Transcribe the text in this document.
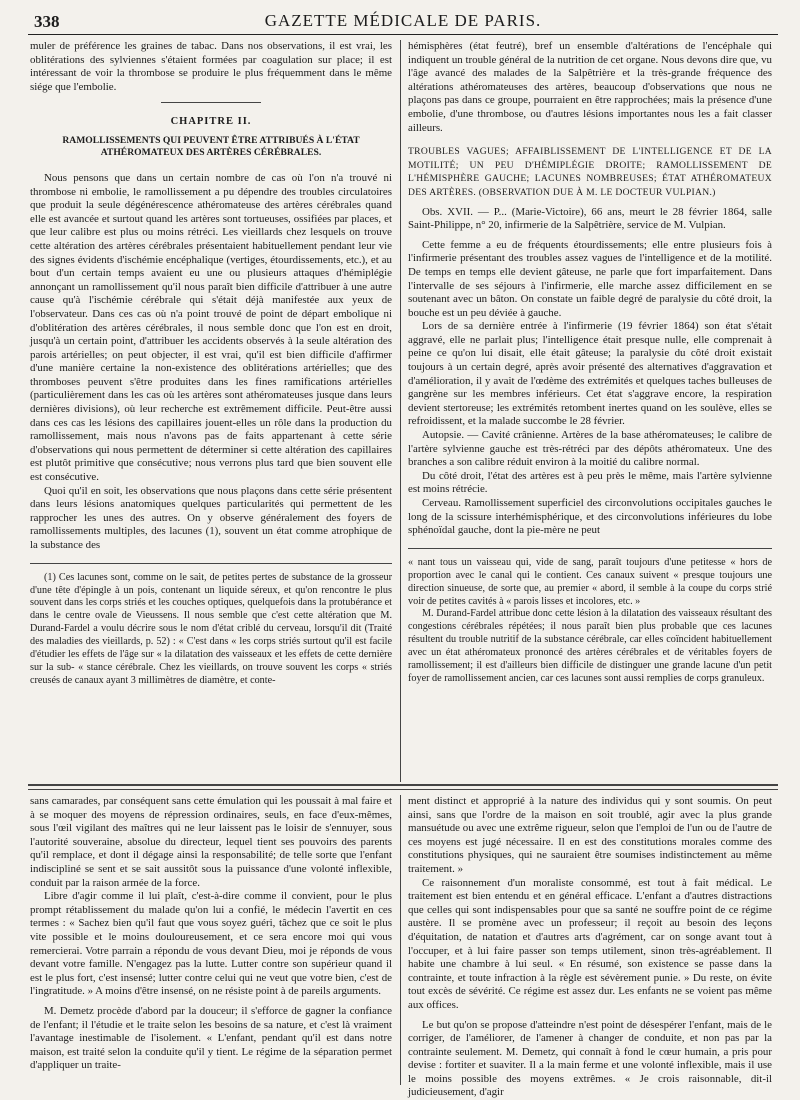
338	GAZETTE MÉDICALE DE PARIS.

muler de préférence les graines de tabac. Dans nos observations, il est vrai, les oblitérations des sylviennes s'étaient formées par coagulation sur place; il est intéressant de voir la thrombose se produire le plus fréquemment dans le même siége que l'embolie.

CHAPITRE II.
RAMOLLISSEMENTS QUI PEUVENT ÊTRE ATTRIBUÉS À L'ÉTAT ATHÉROMATEUX DES ARTÈRES CÉRÉBRALES.

Nous pensons que dans un certain nombre de cas où l'on n'a trouvé ni thrombose ni embolie, le ramollissement a pu dépendre des troubles circulatoires que produit la seule dégénérescence athéromateuse des artères cérébrales quand elle est avancée et surtout quand les artères sont tortueuses, ossifiées par places, et que leur calibre est plus ou moins rétréci. Les vieillards chez lesquels on trouve cette altération des artères cérébrales présentaient habituellement pendant leur vie des signes évidents d'ischémie encéphalique (vertiges, étourdissements, etc.), et au bout d'un certain temps avaient eu une ou plusieurs attaques d'hémiplégie annonçant un ramollissement qu'il nous paraît bien difficile d'attribuer à une autre cause qu'à l'ischémie cérébrale qui s'était déjà manifestée aux yeux de l'observateur. Dans ces cas où n'a point trouvé de point de départ embolique ni d'oblitération des artères cérébrales, il nous semble donc que l'on est en droit, jusqu'à un certain point, d'attribuer les accidents observés à la seule altération des parois artérielles; on peut objecter, il est vrai, qu'il est bien difficile d'affirmer d'une manière certaine la non-existence des oblitérations artérielles; que des thromboses peuvent s'être produites dans les fines ramifications artérielles (particulièrement dans les cas où les artères sont athéromateuses jusque dans leurs dernières divisions), où leur recherche est extrêmement difficile. Peut-être aussi dans ces cas les lésions des capillaires jouent-elles un rôle dans la production du ramollissement, mais nous n'avons pas de faits appartenant à cette série d'observations qui nous permettent de déterminer si cette altération des capillaires est plutôt primitive que consécutive; nous verrons plus tard que bien souvent elle est consécutive.

Quoi qu'il en soit, les observations que nous plaçons dans cette série présentent dans leurs lésions anatomiques quelques particularités qui permettent de les rapprocher les unes des autres. On y observe généralement des foyers de ramollissements multiples, des lacunes (1), souvent un état comme atrophique de la substance des

(1) Ces lacunes sont, comme on le sait, de petites pertes de substance de la grosseur d'une tête d'épingle à un pois, contenant un liquide séreux, et qu'on rencontre le plus souvent dans les corps striés et les couches optiques, quelquefois dans la protubérance et dans le centre ovale de Vieussens. Il nous semble que c'est cette altération que M. Durand-Fardel a voulu décrire sous le nom d'état criblé du cerveau, lorsqu'il dit (Traité des maladies des vieillards, p. 52) : « C'est dans « les corps striés surtout qu'il est facile d'étudier les effets de l'âge sur « la dilatation des vaisseaux et les effets de cette dernière sur la sub- « stance cérébrale. Chez les vieillards, on trouve souvent les corps « striés creusés de canaux ayant 3 millimètres de diamètre, et conte-

hémisphères (état feutré), bref un ensemble d'altérations de l'encéphale qui indiquent un trouble général de la nutrition de cet organe. Nous devons dire que, vu l'âge avancé des malades de la Salpêtrière et la très-grande fréquence des altérations athéromateuses des artères, beaucoup d'observations que nous ne plaçons pas dans ce groupe, pourraient en être rapprochées; mais la présence d'une embolie, d'une thrombose, ou d'autres lésions importantes nous les a fait classer ailleurs.

TROUBLES VAGUES; AFFAIBLISSEMENT DE L'INTELLIGENCE ET DE LA MOTILITÉ; UN PEU D'HÉMIPLÉGIE DROITE; RAMOLLISSEMENT DE L'HÉMISPHÈRE GAUCHE; LACUNES NOMBREUSES; ÉTAT ATHÉROMATEUX DES ARTÈRES. (OBSERVATION DUE À M. LE DOCTEUR VULPIAN.)

Obs. XVII. — P... (Marie-Victoire), 66 ans, meurt le 28 février 1864, salle Saint-Philippe, n° 20, infirmerie de la Salpêtrière, service de M. Vulpian.

Cette femme a eu de fréquents étourdissements; elle entre plusieurs fois à l'infirmerie présentant des troubles assez vagues de l'intelligence et de la motilité. De temps en temps elle devient gâteuse, ne parle que fort imparfaitement. Dans l'intervalle de ses séjours à l'infirmerie, elle marche assez difficilement en se soutenant avec un bâton. On constate un faible degré de paralysie du côté droit, la bouche est un peu déviée à gauche.

Lors de sa dernière entrée à l'infirmerie (19 février 1864) son état s'était aggravé, elle ne parlait plus; l'intelligence était presque nulle, elle comprenait à peine ce qu'on lui disait, elle était gâteuse; la paralysie du côté droit existait toujours à un certain degré, après avoir présenté des alternatives d'aggravation et d'amélioration, il y avait de l'œdème des extrémités et quelques taches bulleuses de gangrène sur les membres inférieurs. Cet état s'aggrave encore, la respiration devient stertoreuse; les extrémités retombent inertes quand on les soulève, elles se refroidissent, et la malade succombe le 28 février.

Autopsie. — Cavité crânienne. Artères de la base athéromateuses; le calibre de l'artère sylvienne gauche est très-rétréci par des dépôts athéromateux. Une des branches a son calibre réduit environ à la moitié du calibre normal.

Du côté droit, l'état des artères est à peu près le même, mais l'artère sylvienne est moins rétrécie.

Cerveau. Ramollissement superficiel des circonvolutions occipitales gauches le long de la scissure interhémisphérique, et des circonvolutions inférieures du lobe sphénoïdal gauche, dont la pie-mère ne peut

« nant tous un vaisseau qui, vide de sang, paraît toujours d'une petitesse « hors de proportion avec le canal qui le contient. Ces canaux suivent « presque toujours une direction sinueuse, de sorte que, au premier « abord, il semble à la coupe du corps strié voir de petites cavités à « parois lisses et incolores, etc. »

M. Durand-Fardel attribue donc cette lésion à la dilatation des vaisseaux résultant des congestions cérébrales répétées; il nous paraît bien plus probable que ces lacunes résultent du trouble nutritif de la substance cérébrale, car elles coïncident habituellement avec un état athéromateux prononcé des artères cérébrales et de véritables foyers de ramollissement; il est d'ailleurs bien difficile de distinguer une grande lacune d'un petit foyer de ramollissement ancien, car ces lacunes sont aussi remplies de corps granuleux.

sans camarades, par conséquent sans cette émulation qui les poussait à mal faire et à se moquer des moyens de répression ordinaires, seuls, en face d'eux-mêmes, sous l'œil vigilant des maîtres qui ne leur laissent pas le loisir de s'ennuyer, sous l'autorité souveraine, absolue du directeur, lequel tient ses pouvoirs des parents qu'il remplace, et dont il dégage ainsi la responsabilité; de telle sorte que l'enfant indiscipliné se sent et se sait aussitôt sous la puissance d'une volonté inflexible, conduit par la raison armée de la force.

Libre d'agir comme il lui plaît, c'est-à-dire comme il convient, pour le plus prompt rétablissement du malade qu'on lui a confié, le médecin l'avertit en ces termes : « Sachez bien qu'il faut que vous soyez guéri, tâchez que ce soit le plus vite possible et le moins douloureusement, et ce sera encore moi qui vous remercierai. Votre parrain a répondu de vous devant Dieu, moi je réponds de vous devant votre famille. N'engagez pas la lutte. Lutter contre son supérieur quand il est le plus fort, c'est insensé; lutter contre celui qui ne veut que votre bien, c'est de l'ingratitude. » A moins d'être insensé, on ne résiste point à de pareils arguments.

M. Demetz procède d'abord par la douceur; il s'efforce de gagner la confiance de l'enfant; il l'étudie et le traite selon les besoins de sa nature, et c'est là vraiment l'avantage inestimable de l'isolement. « L'enfant, pendant qu'il est dans notre maison, est traité selon la conduite qu'il y tient. Le régime de la séparation permet d'appliquer un traite-

ment distinct et approprié à la nature des individus qui y sont soumis. On peut ainsi, sans que l'ordre de la maison en soit troublé, agir avec la plus grande mansuétude ou avec une extrême rigueur, selon que l'emploi de l'un ou de l'autre de ces moyens est jugé nécessaire. Il en est des constitutions morales comme des constitutions physiques, qui ne sauraient être soumises indistinctement au même traitement. »

Ce raisonnement d'un moraliste consommé, est tout à fait médical. Le traitement est bien entendu et en général efficace. L'enfant a d'autres distractions que celles qui sont indispensables pour que sa santé ne souffre point de ce régime austère. Il se promène avec un professeur; il reçoit au besoin des leçons d'équitation, de natation et d'autres arts d'agrément, car on songe avant tout à l'occuper, et à lui faire passer son temps utilement, sinon très-agréablement. Il habite une chambre à lui seul. « En résumé, son existence se passe dans la contrainte, et toute infraction à la règle est sévèrement punie. » Du reste, on évite tout excès de sévérité. Ce régime est assez dur. Les enfants ne se voient pas même aux offices.

Le but qu'on se propose d'atteindre n'est point de désespérer l'enfant, mais de le corriger, de l'améliorer, de l'amener à changer de conduite, et non pas par la contrainte seulement. M. Demetz, qui connaît à fond le cœur humain, a pris pour devise : fortiter et suaviter. Il a la main ferme et une volonté inflexible, mais il use le moins possible des moyens extrêmes. « Je crois raisonnable, dit-il judicieusement, d'agir
